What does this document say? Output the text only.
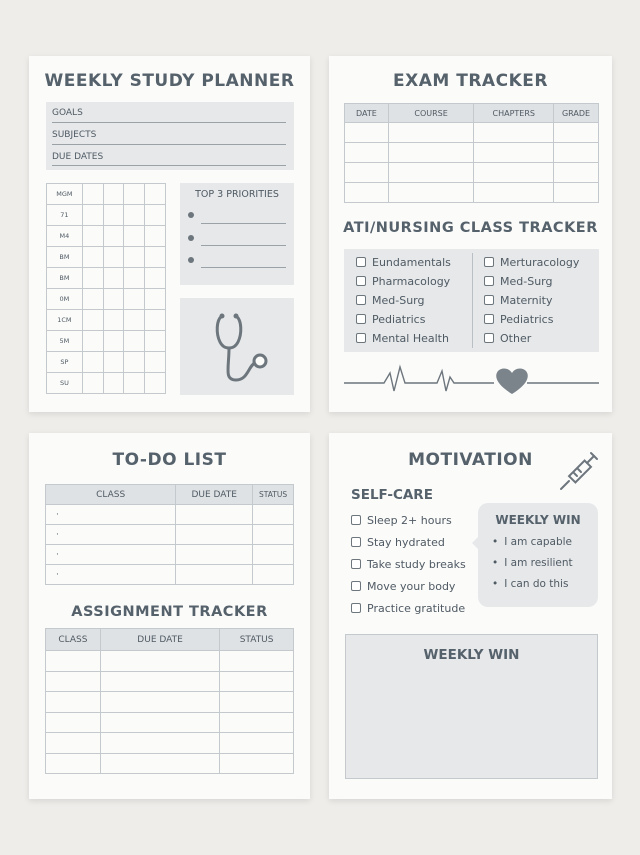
WEEKLY STUDY PLANNER
GOALS
SUBJECTS
DUE DATES
MGM				
71				
M4				
BM				
BM				
0M				
1CM				
5M				
SP				
SU				
TOP 3 PRIORITIES
EXAM TRACKER
DATE	COURSE	CHAPTERS	GRADE

ATI/NURSING CLASS TRACKER
Eundamentals
Pharmacology
Med-Surg
Pediatrics
Mental Health
Merturacology
Med-Surg
Maternity
Pediatrics
Other
TO-DO LIST
CLASS	DUE DATE	STATUS
·		
·		
·		
·		
ASSIGNMENT TRACKER
CLASS	DUE DATE	STATUS

MOTIVATION
SELF-CARE
Sleep 2+ hours
Stay hydrated
Take study breaks
Move your body
Practice gratitude
WEEKLY WIN
• I am capable
• I am resilient
• I can do this
WEEKLY WIN
